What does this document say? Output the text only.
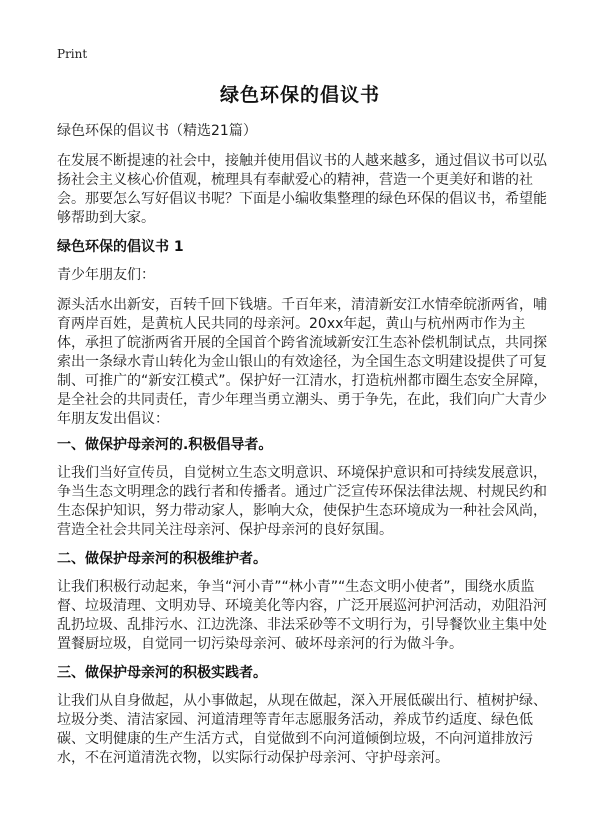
Print
绿色环保的倡议书

绿色环保的倡议书（精选21篇）

在发展不断提速的社会中，接触并使用倡议书的人越来越多，通过倡议书可以弘扬社会主义核心价值观，梳理具有奉献爱心的精神，营造一个更美好和谐的社会。那要怎么写好倡议书呢？下面是小编收集整理的绿色环保的倡议书，希望能够帮助到大家。

绿色环保的倡议书 1

青少年朋友们：

源头活水出新安，百转千回下钱塘。千百年来，清清新安江水情牵皖浙两省，哺育两岸百姓，是黄杭人民共同的母亲河。20xx年起，黄山与杭州两市作为主体，承担了皖浙两省开展的全国首个跨省流域新安江生态补偿机制试点，共同探索出一条绿水青山转化为金山银山的有效途径，为全国生态文明建设提供了可复制、可推广的“新安江模式”。保护好一江清水，打造杭州都市圈生态安全屏障，是全社会的共同责任，青少年理当勇立潮头、勇于争先，在此，我们向广大青少年朋友发出倡议：

一、做保护母亲河的.积极倡导者。

让我们当好宣传员，自觉树立生态文明意识、环境保护意识和可持续发展意识，争当生态文明理念的践行者和传播者。通过广泛宣传环保法律法规、村规民约和生态保护知识，努力带动家人，影响大众，使保护生态环境成为一种社会风尚，营造全社会共同关注母亲河、保护母亲河的良好氛围。

二、做保护母亲河的积极维护者。

让我们积极行动起来，争当“河小青”“林小青”“生态文明小使者”，围绕水质监督、垃圾清理、文明劝导、环境美化等内容，广泛开展巡河护河活动，劝阻沿河乱扔垃圾、乱排污水、江边洗涤、非法采砂等不文明行为，引导餐饮业主集中处置餐厨垃圾，自觉同一切污染母亲河、破坏母亲河的行为做斗争。

三、做保护母亲河的积极实践者。

让我们从自身做起，从小事做起，从现在做起，深入开展低碳出行、植树护绿、垃圾分类、清洁家园、河道清理等青年志愿服务活动，养成节约适度、绿色低碳、文明健康的生产生活方式，自觉做到不向河道倾倒垃圾，不向河道排放污水，不在河道清洗衣物，以实际行动保护母亲河、守护母亲河。
